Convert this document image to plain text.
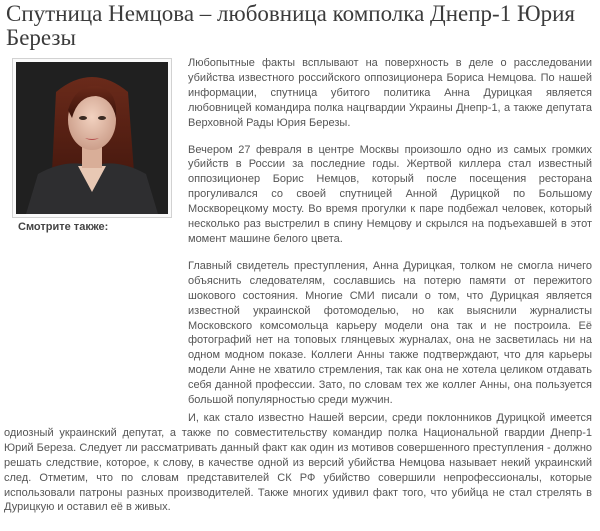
Спутница Немцова – любовница комполка Днепр-1 Юрия Березы
Смотрите также:

Любопытные факты всплывают на поверхность в деле о расследовании убийства известного российского оппозиционера Бориса Немцова. По нашей информации, спутница убитого политика Анна Дурицкая является любовницей командира полка нацгвардии Украины Днепр-1, а также депутата Верховной Рады Юрия Березы.

Вечером 27 февраля в центре Москвы произошло одно из самых громких убийств в России за последние годы. Жертвой киллера стал известный оппозиционер Борис Немцов, который после посещения ресторана прогуливался со своей спутницей Анной Дурицкой по Большому Москворецкому мосту. Во время прогулки к паре подбежал человек, который несколько раз выстрелил в спину Немцову и скрылся на подъехавшей в этот момент машине белого цвета.

Главный свидетель преступления, Анна Дурицкая, толком не смогла ничего объяснить следователям, сославшись на потерю памяти от пережитого шокового состояния. Многие СМИ писали о том, что Дурицкая является известной украинской фотомоделью, но как выяснили журналисты Московского комсомольца карьеру модели она так и не построила. Её фотографий нет на топовых глянцевых журналах, она не засветилась ни на одном модном показе. Коллеги Анны также подтверждают, что для карьеры модели Анне не хватило стремления, так как она не хотела целиком отдавать себя данной профессии. Зато, по словам тех же коллег Анны, она пользуется большой популярностью среди мужчин.

И, как стало известно Нашей версии, среди поклонников Дурицкой имеется одиозный украинский депутат, а также по совместительству командир полка Национальной гвардии Днепр-1 Юрий Береза. Следует ли рассматривать данный факт как один из мотивов совершенного преступления - должно решать следствие, которое, к слову, в качестве одной из версий убийства Немцова называет некий украинский след. Отметим, что по словам представителей СК РФ убийство совершили непрофессионалы, которые использовали патроны разных производителей. Также многих удивил факт того, что убийца не стал стрелять в Дурицкую и оставил её в живых.
